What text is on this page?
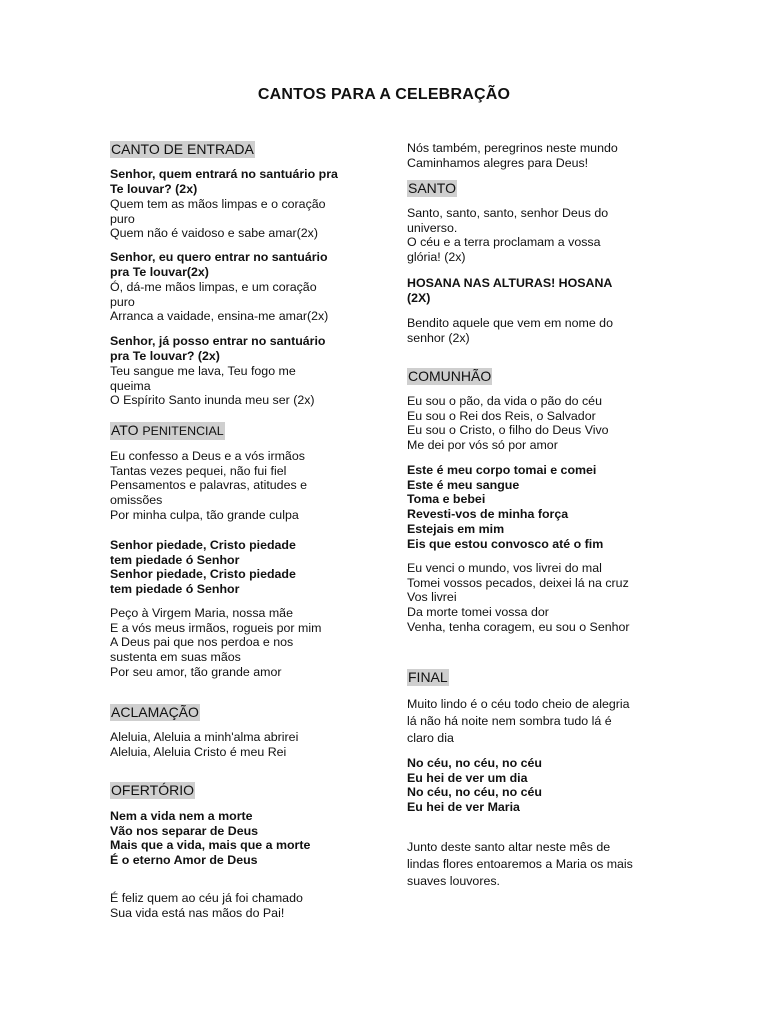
CANTOS PARA A CELEBRAÇÃO
CANTO DE ENTRADA
Senhor, quem entrará no santuário pra
Te louvar? (2x)
Quem tem as mãos limpas e o coração
puro
Quem não é vaidoso e sabe amar(2x)
Senhor, eu quero entrar no santuário
pra Te louvar(2x)
Ó, dá-me mãos limpas, e um coração
puro
Arranca a vaidade, ensina-me amar(2x)
Senhor, já posso entrar no santuário
pra Te louvar? (2x)
Teu sangue me lava, Teu fogo me
queima
O Espírito Santo inunda meu ser (2x)
ATO PENITENCIAL
Eu confesso a Deus e a vós irmãos
Tantas vezes pequei, não fui fiel
Pensamentos e palavras, atitudes e
omissões
Por minha culpa, tão grande culpa
Senhor piedade, Cristo piedade
tem piedade ó Senhor
Senhor piedade, Cristo piedade
tem piedade ó Senhor
Peço à Virgem Maria, nossa mãe
E a vós meus irmãos, rogueis por mim
A Deus pai que nos perdoa e nos
sustenta em suas mãos
Por seu amor, tão grande amor
ACLAMAÇÃO
Aleluia, Aleluia a minh'alma abrirei
Aleluia, Aleluia Cristo é meu Rei
OFERTÓRIO
Nem a vida nem a morte
Vão nos separar de Deus
Mais que a vida, mais que a morte
É o eterno Amor de Deus
É feliz quem ao céu já foi chamado
Sua vida está nas mãos do Pai!
Nós também, peregrinos neste mundo
Caminhamos alegres para Deus!
SANTO
Santo, santo, santo, senhor Deus do
universo.
O céu e a terra proclamam a vossa
glória! (2x)
HOSANA NAS ALTURAS! HOSANA
(2X)
Bendito aquele que vem em nome do
senhor (2x)
COMUNHÃO
Eu sou o pão, da vida o pão do céu
Eu sou o Rei dos Reis, o Salvador
Eu sou o Cristo, o filho do Deus Vivo
Me dei por vós só por amor
Este é meu corpo tomai e comei
Este é meu sangue
Toma e bebei
Revesti-vos de minha força
Estejais em mim
Eis que estou convosco até o fim
Eu venci o mundo, vos livrei do mal
Tomei vossos pecados, deixei lá na cruz
Vos livrei
Da morte tomei vossa dor
Venha, tenha coragem, eu sou o Senhor
FINAL
Muito lindo é o céu todo cheio de alegria
lá não há noite nem sombra tudo lá é
claro dia
No céu, no céu, no céu
Eu hei de ver um dia
No céu, no céu, no céu
Eu hei de ver Maria
Junto deste santo altar neste mês de
lindas flores entoaremos a Maria os mais
suaves louvores.
